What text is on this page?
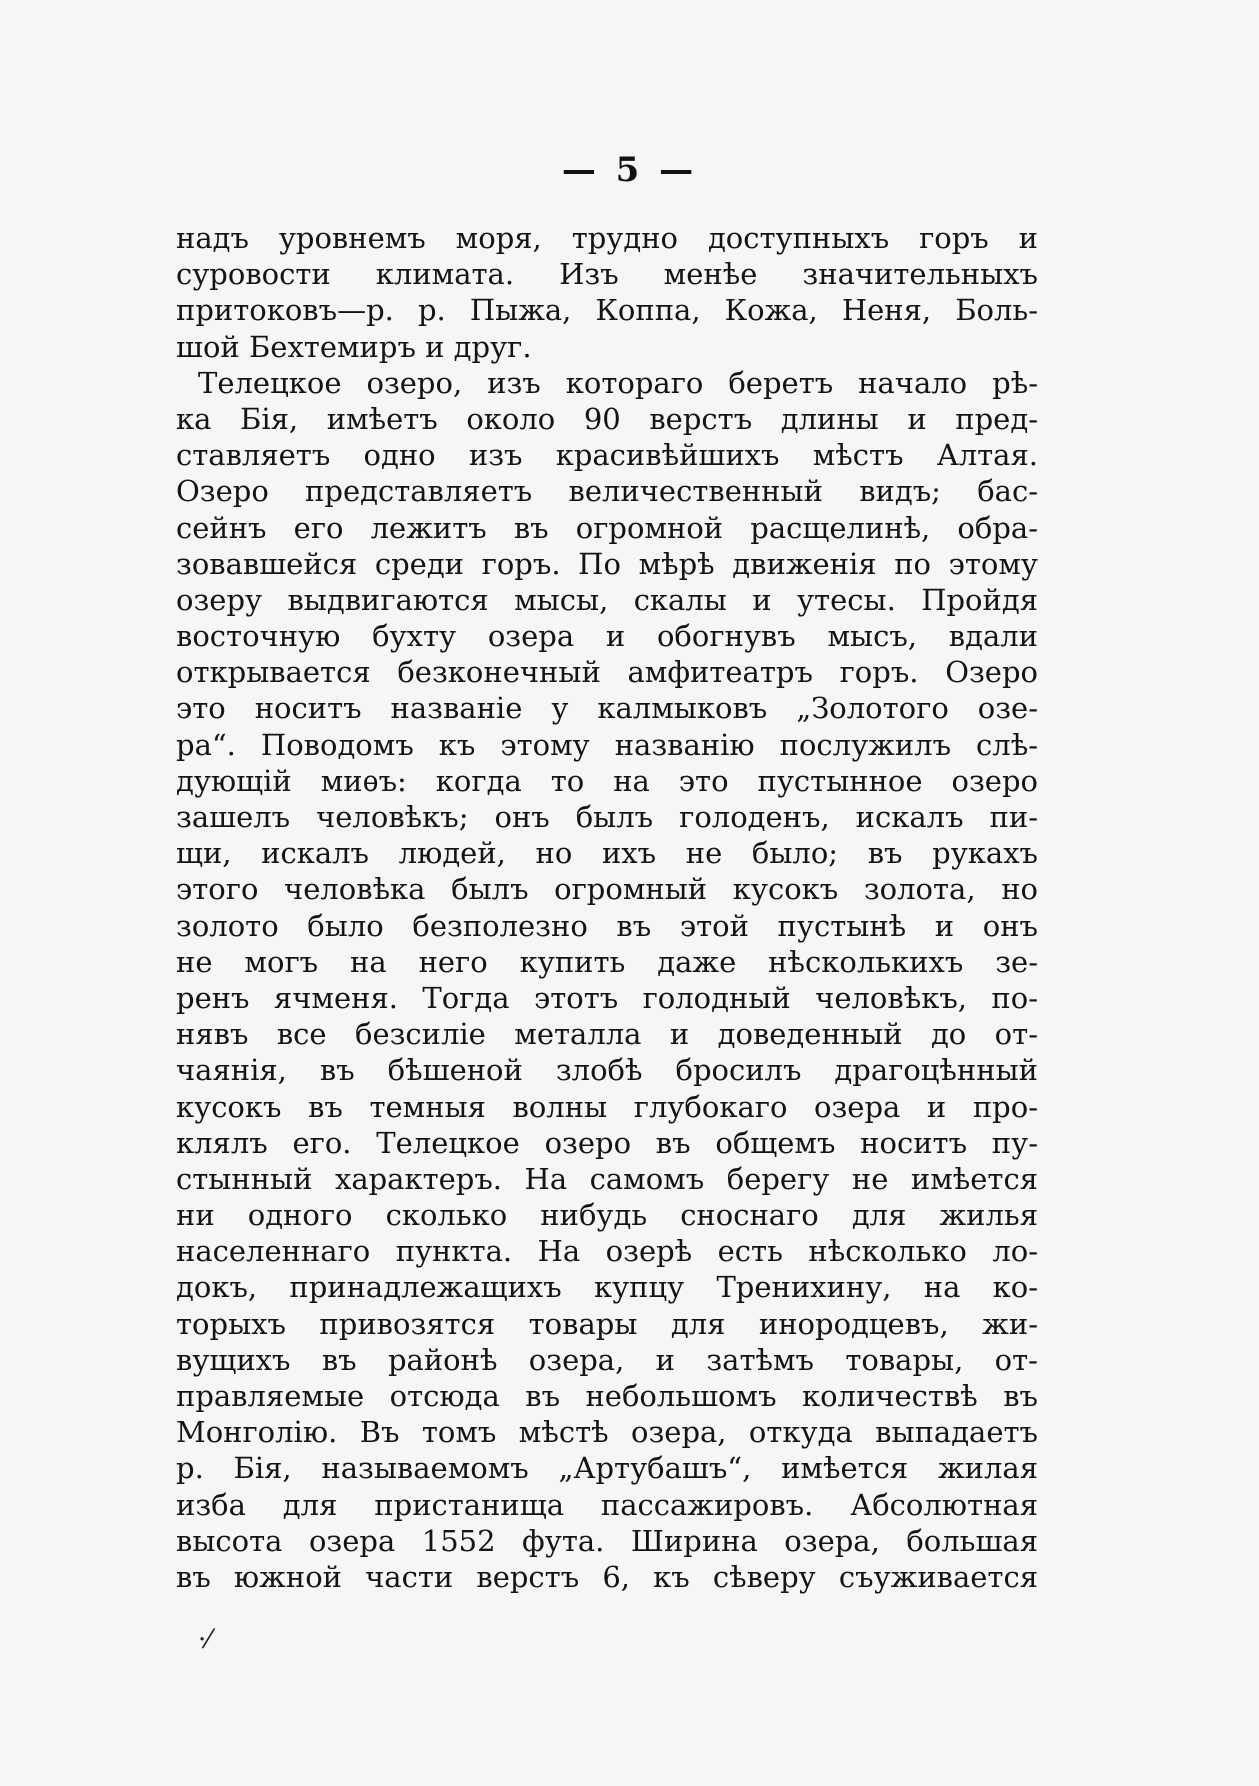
— 5 —
надъ уровнемъ моря, трудно доступныхъ горъ и
суровости климата. Изъ менѣе значительныхъ
притоковъ—р. р. Пыжа, Коппа, Кожа, Неня, Боль-
шой Бехтемиръ и друг.
Телецкое озеро, изъ котораго беретъ начало рѣ-
ка Бія, имѣетъ около 90 верстъ длины и пред-
ставляетъ одно изъ красивѣйшихъ мѣстъ Алтая.
Озеро представляетъ величественный видъ; бас-
сейнъ его лежитъ въ огромной расщелинѣ, обра-
зовавшейся среди горъ. По мѣрѣ движенія по этому
озеру выдвигаются мысы, скалы и утесы. Пройдя
восточную бухту озера и обогнувъ мысъ, вдали
открывается безконечный амфитеатръ горъ. Озеро
это носитъ названіе у калмыковъ „Золотого озе-
ра“. Поводомъ къ этому названію послужилъ слѣ-
дующій миѳъ: когда то на это пустынное озеро
зашелъ человѣкъ; онъ былъ голоденъ, искалъ пи-
щи, искалъ людей, но ихъ не было; въ рукахъ
этого человѣка былъ огромный кусокъ золота, но
золото было безполезно въ этой пустынѣ и онъ
не могъ на него купить даже нѣсколькихъ зе-
ренъ ячменя. Тогда этотъ голодный человѣкъ, по-
нявъ все безсиліе металла и доведенный до от-
чаянія, въ бѣшеной злобѣ бросилъ драгоцѣнный
кусокъ въ темныя волны глубокаго озера и про-
клялъ его. Телецкое озеро въ общемъ носитъ пу-
стынный характеръ. На самомъ берегу не имѣется
ни одного сколько нибудь сноснаго для жилья
населеннаго пункта. На озерѣ есть нѣсколько ло-
докъ, принадлежащихъ купцу Тренихину, на ко-
торыхъ привозятся товары для инородцевъ, жи-
вущихъ въ районѣ озера, и затѣмъ товары, от-
правляемые отсюда въ небольшомъ количествѣ въ
Монголію. Въ томъ мѣстѣ озера, откуда выпадаетъ
р. Бія, называемомъ „Артубашъ“, имѣется жилая
изба для пристанища пассажировъ. Абсолютная
высота озера 1552 фута. Ширина озера, большая
въ южной части верстъ 6, къ сѣверу съуживается
·⁄
